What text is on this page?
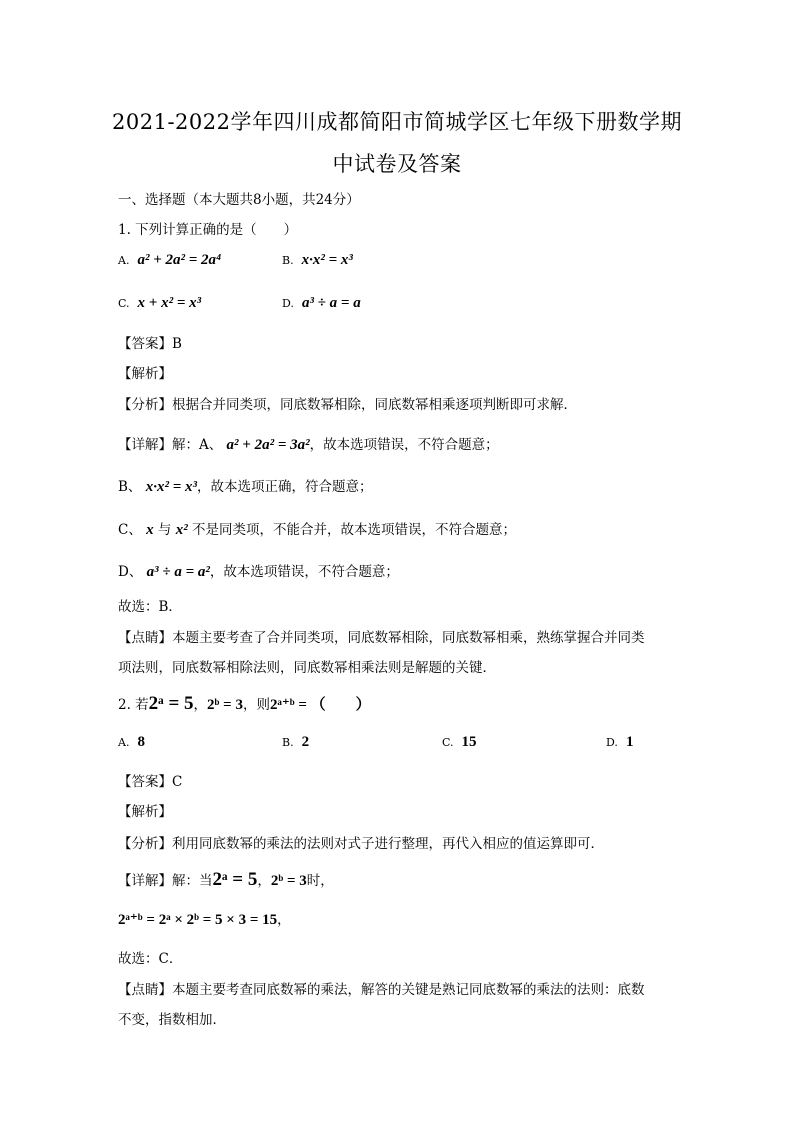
2021-2022学年四川成都简阳市简城学区七年级下册数学期
中试卷及答案
一、选择题（本大题共8小题，共24分）
1. 下列计算正确的是（　　）
A. a² + 2a² = 2a⁴	B. x·x² = x³
C. x + x² = x³	D. a³ ÷ a = a
【答案】B
【解析】
【分析】根据合并同类项，同底数幂相除，同底数幂相乘逐项判断即可求解．
【详解】解：A、 a² + 2a² = 3a²，故本选项错误，不符合题意；
B、 x·x² = x³，故本选项正确，符合题意；
C、 x 与 x² 不是同类项，不能合并，故本选项错误，不符合题意；
D、 a³ ÷ a = a²，故本选项错误，不符合题意；
故选：B．
【点睛】本题主要考查了合并同类项，同底数幂相除，同底数幂相乘，熟练掌握合并同类
项法则，同底数幂相除法则，同底数幂相乘法则是解题的关键．
2. 若2ᵃ = 5，2ᵇ = 3，则2ᵃ⁺ᵇ = （　　）
A. 8	B. 2	C. 15	D. 1
【答案】C
【解析】
【分析】利用同底数幂的乘法的法则对式子进行整理，再代入相应的值运算即可．
【详解】解：当2ᵃ = 5，2ᵇ = 3时，
2ᵃ⁺ᵇ = 2ᵃ × 2ᵇ = 5 × 3 = 15，
故选：C．
【点睛】本题主要考查同底数幂的乘法，解答的关键是熟记同底数幂的乘法的法则：底数
不变，指数相加．
